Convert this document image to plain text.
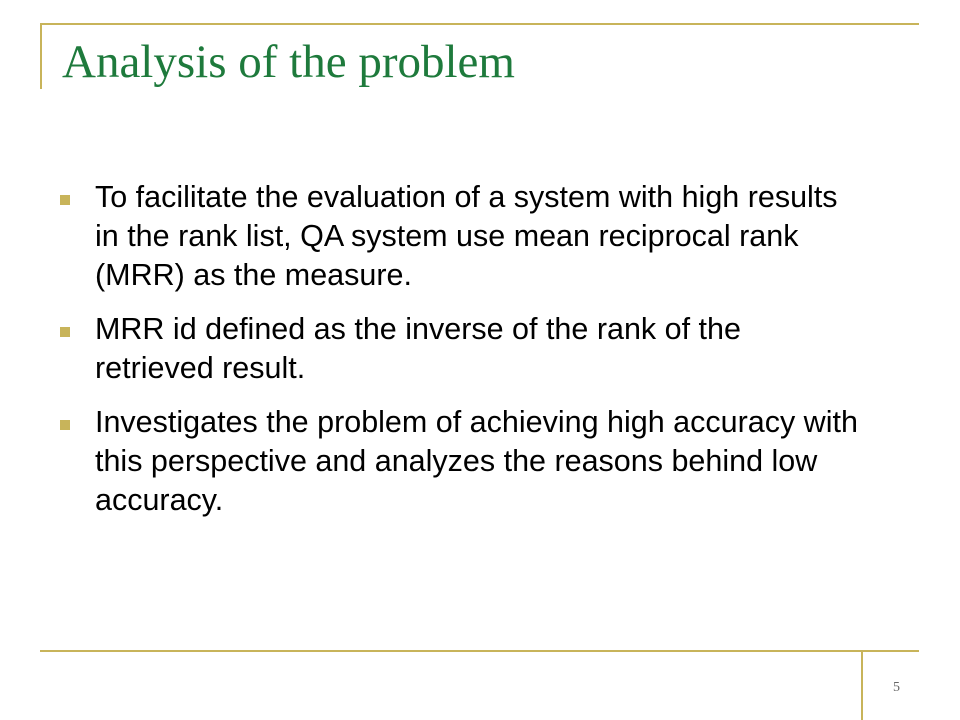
Analysis of the problem
To facilitate the evaluation of a system with high results in the rank list, QA system use mean reciprocal rank (MRR) as the measure.
MRR id defined as the inverse of the rank of the retrieved result.
Investigates the problem of achieving high accuracy with this perspective and analyzes the reasons behind low accuracy.
5
